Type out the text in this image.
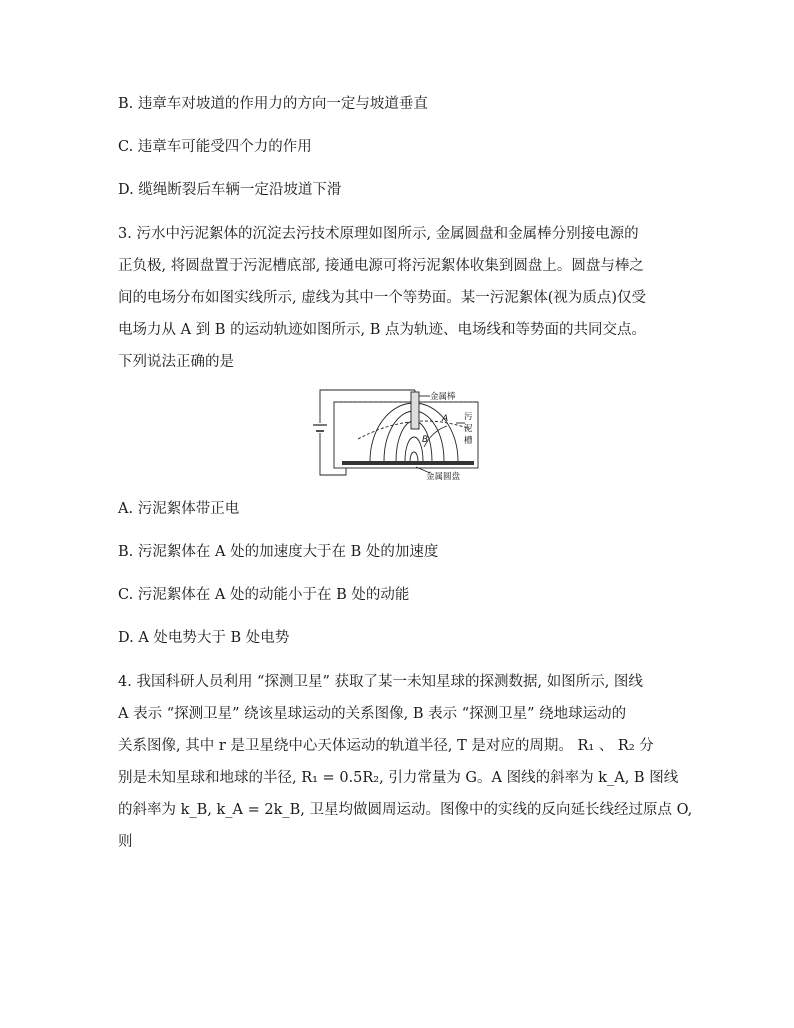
B. 违章车对坡道的作用力的方向一定与坡道垂直
C. 违章车可能受四个力的作用
D. 缆绳断裂后车辆一定沿坡道下滑
3. 污水中污泥絮体的沉淀去污技术原理如图所示, 金属圆盘和金属棒分别接电源的
正负极, 将圆盘置于污泥槽底部, 接通电源可将污泥絮体收集到圆盘上。圆盘与棒之
间的电场分布如图实线所示, 虚线为其中一个等势面。某一污泥絮体(视为质点)仅受
电场力从 A 到 B 的运动轨迹如图所示, B 点为轨迹、电场线和等势面的共同交点。
下列说法正确的是
金属棒
A
B
污
泥
槽
金属圆盘
A. 污泥絮体带正电
B. 污泥絮体在 A 处的加速度大于在 B 处的加速度
C. 污泥絮体在 A 处的动能小于在 B 处的动能
D. A 处电势大于 B 处电势
4. 我国科研人员利用 “探测卫星” 获取了某一未知星球的探测数据, 如图所示, 图线
A 表示 “探测卫星” 绕该星球运动的关系图像, B 表示 “探测卫星” 绕地球运动的
关系图像, 其中 r 是卫星绕中心天体运动的轨道半径, T 是对应的周期。 R₁ 、 R₂ 分
别是未知星球和地球的半径, R₁ = 0.5R₂, 引力常量为 G。A 图线的斜率为 k_A, B 图线
的斜率为 k_B, k_A = 2k_B, 卫星均做圆周运动。图像中的实线的反向延长线经过原点 O,
则
